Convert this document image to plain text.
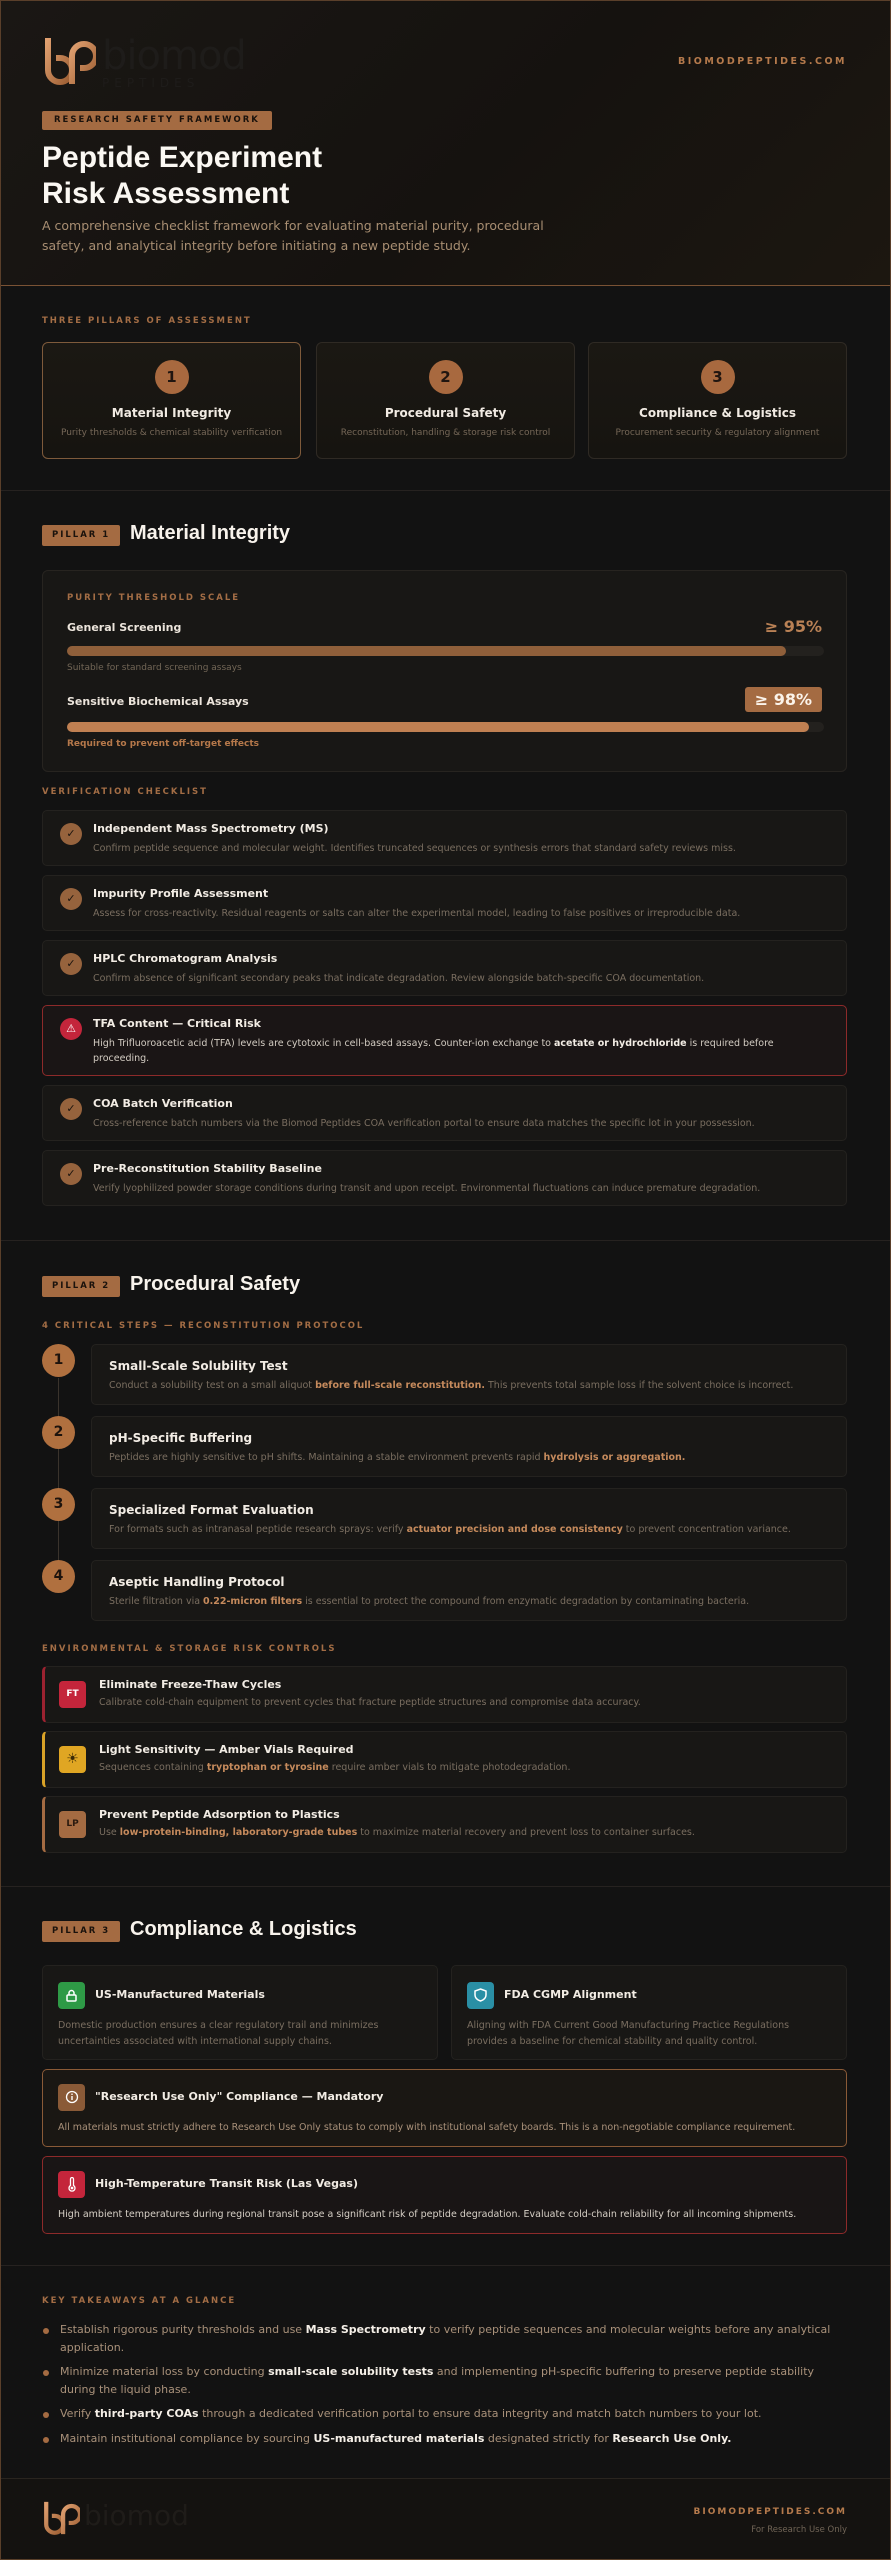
biomod
PEPTIDES
BIOMODPEPTIDES.COM
RESEARCH SAFETY FRAMEWORK
Peptide Experiment
Risk Assessment
A comprehensive checklist framework for evaluating material purity, procedural safety, and analytical integrity before initiating a new peptide study.
THREE PILLARS OF ASSESSMENT
1
Material Integrity
Purity thresholds & chemical stability verification
2
Procedural Safety
Reconstitution, handling & storage risk control
3
Compliance & Logistics
Procurement security & regulatory alignment
PILLAR 1 Material Integrity
PURITY THRESHOLD SCALE
General Screening	≥ 95%
Suitable for standard screening assays
Sensitive Biochemical Assays	≥ 98%
Required to prevent off-target effects
VERIFICATION CHECKLIST
✓	Independent Mass Spectrometry (MS)
Confirm peptide sequence and molecular weight. Identifies truncated sequences or synthesis errors that standard safety reviews miss.
✓	Impurity Profile Assessment
Assess for cross-reactivity. Residual reagents or salts can alter the experimental model, leading to false positives or irreproducible data.
✓	HPLC Chromatogram Analysis
Confirm absence of significant secondary peaks that indicate degradation. Review alongside batch-specific COA documentation.
⚠	TFA Content — Critical Risk
High Trifluoroacetic acid (TFA) levels are cytotoxic in cell-based assays. Counter-ion exchange to acetate or hydrochloride is required before proceeding.
✓	COA Batch Verification
Cross-reference batch numbers via the Biomod Peptides COA verification portal to ensure data matches the specific lot in your possession.
✓	Pre-Reconstitution Stability Baseline
Verify lyophilized powder storage conditions during transit and upon receipt. Environmental fluctuations can induce premature degradation.
PILLAR 2 Procedural Safety
4 CRITICAL STEPS — RECONSTITUTION PROTOCOL
1	Small-Scale Solubility Test
Conduct a solubility test on a small aliquot before full-scale reconstitution. This prevents total sample loss if the solvent choice is incorrect.
2	pH-Specific Buffering
Peptides are highly sensitive to pH shifts. Maintaining a stable environment prevents rapid hydrolysis or aggregation.
3	Specialized Format Evaluation
For formats such as intranasal peptide research sprays: verify actuator precision and dose consistency to prevent concentration variance.
4	Aseptic Handling Protocol
Sterile filtration via 0.22-micron filters is essential to protect the compound from enzymatic degradation by contaminating bacteria.
ENVIRONMENTAL & STORAGE RISK CONTROLS
FT
Eliminate Freeze-Thaw Cycles
Calibrate cold-chain equipment to prevent cycles that fracture peptide structures and compromise data accuracy.
☀
Light Sensitivity — Amber Vials Required
Sequences containing tryptophan or tyrosine require amber vials to mitigate photodegradation.
LP
Prevent Peptide Adsorption to Plastics
Use low-protein-binding, laboratory-grade tubes to maximize material recovery and prevent loss to container surfaces.
PILLAR 3 Compliance & Logistics
US-Manufactured Materials
Domestic production ensures a clear regulatory trail and minimizes uncertainties associated with international supply chains.
FDA CGMP Alignment
Aligning with FDA Current Good Manufacturing Practice Regulations provides a baseline for chemical stability and quality control.
"Research Use Only" Compliance — Mandatory
All materials must strictly adhere to Research Use Only status to comply with institutional safety boards. This is a non-negotiable compliance requirement.
High-Temperature Transit Risk (Las Vegas)
High ambient temperatures during regional transit pose a significant risk of peptide degradation. Evaluate cold-chain reliability for all incoming shipments.
KEY TAKEAWAYS AT A GLANCE
Establish rigorous purity thresholds and use Mass Spectrometry to verify peptide sequences and molecular weights before any analytical application.
Minimize material loss by conducting small-scale solubility tests and implementing pH-specific buffering to preserve peptide stability during the liquid phase.
Verify third-party COAs through a dedicated verification portal to ensure data integrity and match batch numbers to your lot.
Maintain institutional compliance by sourcing US-manufactured materials designated strictly for Research Use Only.
biomod	BIOMODPEPTIDES.COM
For Research Use Only
